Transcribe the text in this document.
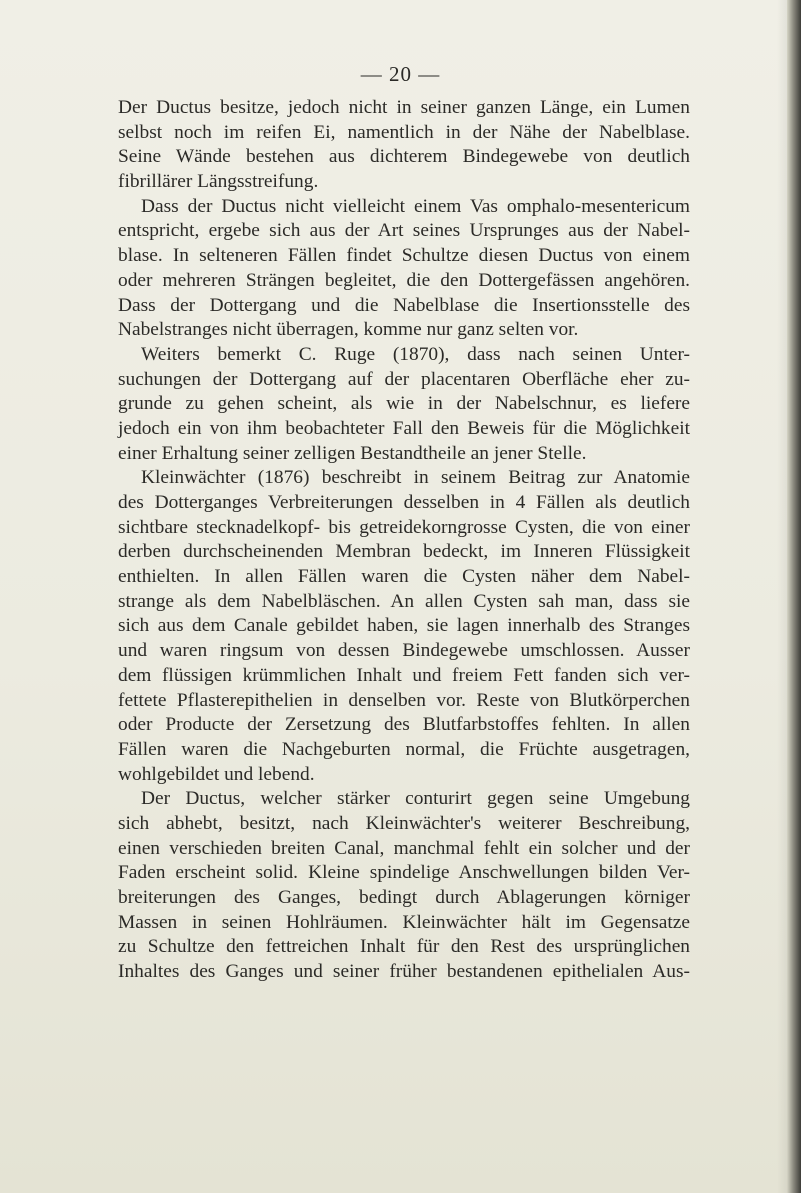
— 20 —
Der Ductus besitze, jedoch nicht in seiner ganzen Länge, ein Lumen
selbst noch im reifen Ei, namentlich in der Nähe der Nabelblase.
Seine Wände bestehen aus dichterem Bindegewebe von deutlich
fibrillärer Längsstreifung.
Dass der Ductus nicht vielleicht einem Vas omphalo-mesentericum
entspricht, ergebe sich aus der Art seines Ursprunges aus der Nabel-
blase. In selteneren Fällen findet Schultze diesen Ductus von einem
oder mehreren Strängen begleitet, die den Dottergefässen angehören.
Dass der Dottergang und die Nabelblase die Insertionsstelle des
Nabelstranges nicht überragen, komme nur ganz selten vor.
Weiters bemerkt C. Ruge (1870), dass nach seinen Unter-
suchungen der Dottergang auf der placentaren Oberfläche eher zu-
grunde zu gehen scheint, als wie in der Nabelschnur, es liefere
jedoch ein von ihm beobachteter Fall den Beweis für die Möglichkeit
einer Erhaltung seiner zelligen Bestandtheile an jener Stelle.
Kleinwächter (1876) beschreibt in seinem Beitrag zur Anatomie
des Dotterganges Verbreiterungen desselben in 4 Fällen als deutlich
sichtbare stecknadelkopf- bis getreidekorngrosse Cysten, die von einer
derben durchscheinenden Membran bedeckt, im Inneren Flüssigkeit
enthielten. In allen Fällen waren die Cysten näher dem Nabel-
strange als dem Nabelbläschen. An allen Cysten sah man, dass sie
sich aus dem Canale gebildet haben, sie lagen innerhalb des Stranges
und waren ringsum von dessen Bindegewebe umschlossen. Ausser
dem flüssigen krümmlichen Inhalt und freiem Fett fanden sich ver-
fettete Pflasterepithelien in denselben vor. Reste von Blutkörperchen
oder Producte der Zersetzung des Blutfarbstoffes fehlten. In allen
Fällen waren die Nachgeburten normal, die Früchte ausgetragen,
wohlgebildet und lebend.
Der Ductus, welcher stärker conturirt gegen seine Umgebung
sich abhebt, besitzt, nach Kleinwächter's weiterer Beschreibung,
einen verschieden breiten Canal, manchmal fehlt ein solcher und der
Faden erscheint solid. Kleine spindelige Anschwellungen bilden Ver-
breiterungen des Ganges, bedingt durch Ablagerungen körniger
Massen in seinen Hohlräumen. Kleinwächter hält im Gegensatze
zu Schultze den fettreichen Inhalt für den Rest des ursprünglichen
Inhaltes des Ganges und seiner früher bestandenen epithelialen Aus-
